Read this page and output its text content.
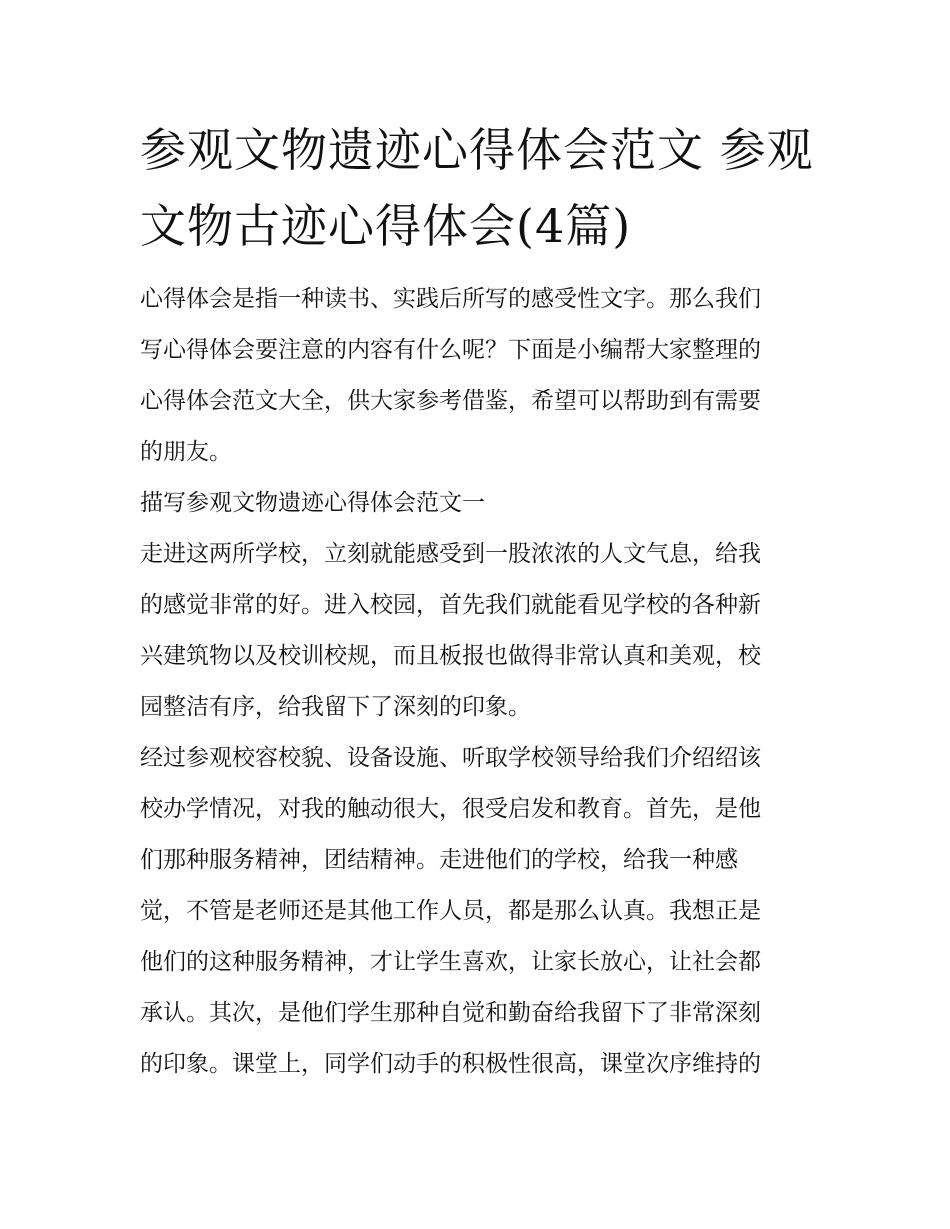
参观文物遗迹心得体会范文 参观文物古迹心得体会(4篇)

心得体会是指一种读书、实践后所写的感受性文字。那么我们

写心得体会要注意的内容有什么呢？下面是小编帮大家整理的

心得体会范文大全，供大家参考借鉴，希望可以帮助到有需要

的朋友。

描写参观文物遗迹心得体会范文一

走进这两所学校，立刻就能感受到一股浓浓的人文气息，给我

的感觉非常的好。进入校园，首先我们就能看见学校的各种新

兴建筑物以及校训校规，而且板报也做得非常认真和美观，校

园整洁有序，给我留下了深刻的印象。

经过参观校容校貌、设备设施、听取学校领导给我们介绍绍该

校办学情况，对我的触动很大，很受启发和教育。首先，是他

们那种服务精神，团结精神。走进他们的学校，给我一种感

觉，不管是老师还是其他工作人员，都是那么认真。我想正是

他们的这种服务精神，才让学生喜欢，让家长放心，让社会都

承认。其次，是他们学生那种自觉和勤奋给我留下了非常深刻

的印象。课堂上，同学们动手的积极性很高，课堂次序维持的
